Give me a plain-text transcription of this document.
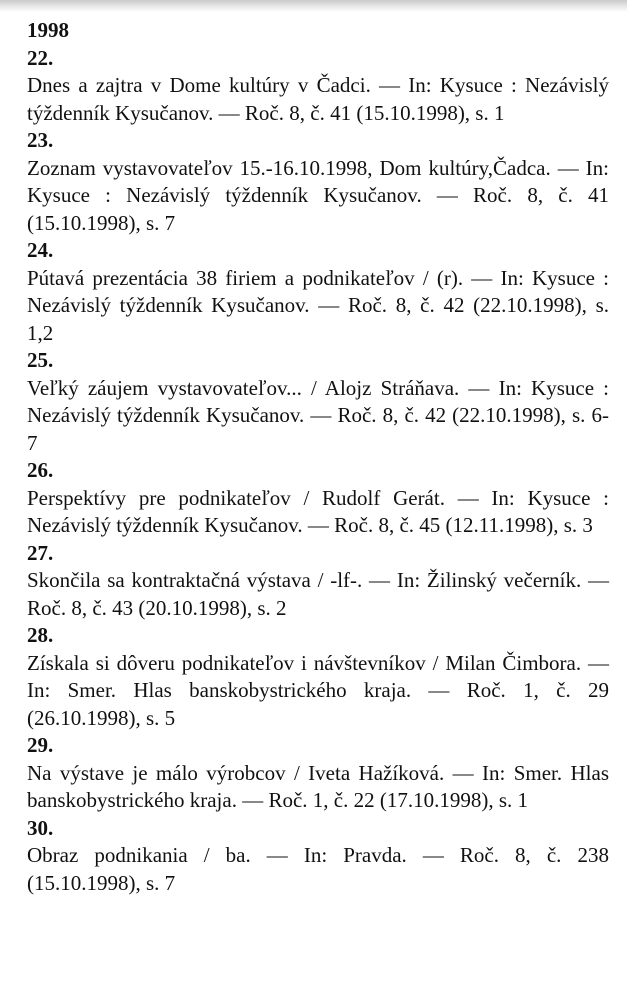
1998
22.
Dnes a zajtra v Dome kultúry v Čadci. — In: Kysuce : Nezávislý týždenník Kysučanov. — Roč. 8, č. 41 (15.10.1998), s. 1
23.
Zoznam vystavovateľov 15.-16.10.1998, Dom kultúry,Čadca. — In: Kysuce : Nezávislý týždenník Kysučanov. — Roč. 8, č. 41 (15.10.1998), s. 7
24.
Pútavá prezentácia 38 firiem a podnikateľov / (r). — In: Kysuce : Nezávislý týždenník Kysučanov. — Roč. 8, č. 42 (22.10.1998), s. 1,2
25.
Veľký záujem vystavovateľov... / Alojz Stráňava. — In: Kysuce : Nezávislý týždenník Kysučanov. — Roč. 8, č. 42 (22.10.1998), s. 6-7
26.
Perspektívy pre podnikateľov / Rudolf Gerát. — In: Kysuce : Nezávislý týždenník Kysučanov. — Roč. 8, č. 45 (12.11.1998), s. 3
27.
Skončila sa kontraktačná výstava / -lf-. — In: Žilinský večerník. — Roč. 8, č. 43 (20.10.1998), s. 2
28.
Získala si dôveru podnikateľov i návštevníkov / Milan Čimbora. — In: Smer. Hlas banskobystrického kraja. — Roč. 1, č. 29 (26.10.1998), s. 5
29.
Na výstave je málo výrobcov / Iveta Hažíková. — In: Smer. Hlas banskobystrického kraja. — Roč. 1, č. 22 (17.10.1998), s. 1
30.
Obraz podnikania / ba. — In: Pravda. — Roč. 8, č. 238 (15.10.1998), s. 7
